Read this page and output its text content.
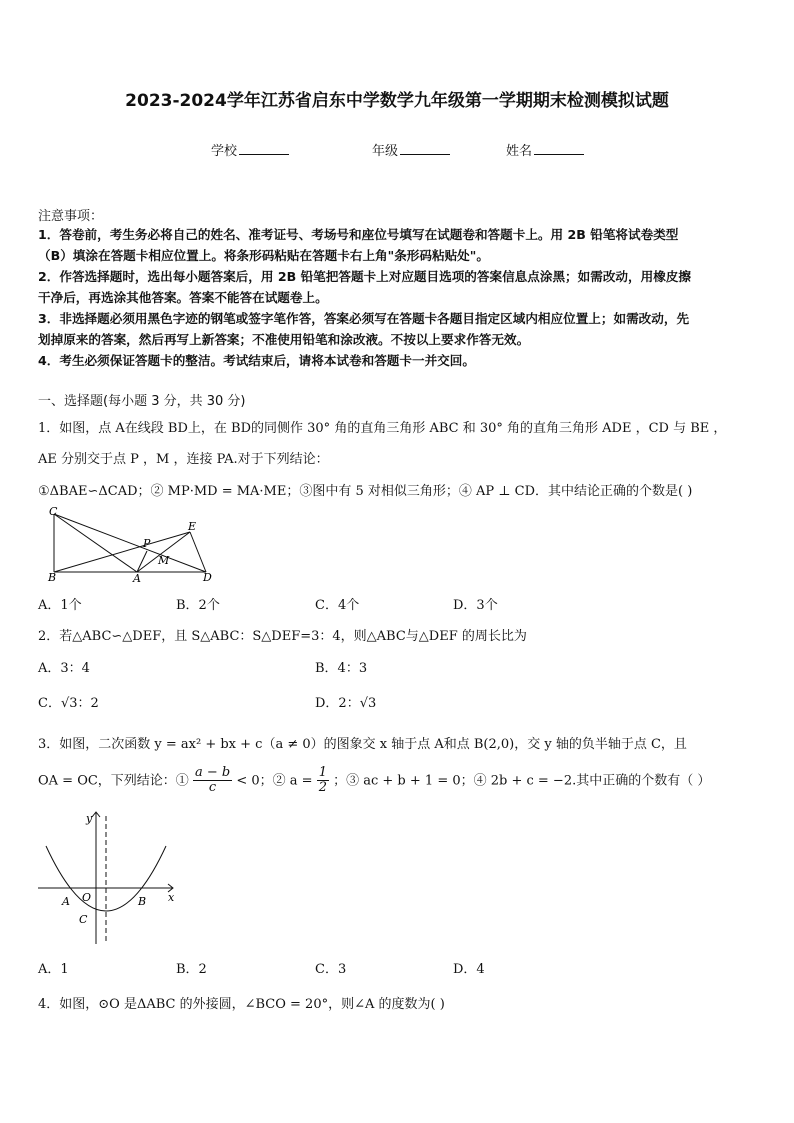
2023-2024学年江苏省启东中学数学九年级第一学期期末检测模拟试题
学校	年级	姓名
注意事项：
1．答卷前，考生务必将自己的姓名、准考证号、考场号和座位号填写在试题卷和答题卡上。用 2B 铅笔将试卷类型
（B）填涂在答题卡相应位置上。将条形码粘贴在答题卡右上角"条形码粘贴处"。
2．作答选择题时，选出每小题答案后，用 2B 铅笔把答题卡上对应题目选项的答案信息点涂黑；如需改动，用橡皮擦
干净后，再选涂其他答案。答案不能答在试题卷上。
3．非选择题必须用黑色字迹的钢笔或签字笔作答，答案必须写在答题卡各题目指定区域内相应位置上；如需改动，先
划掉原来的答案，然后再写上新答案；不准使用铅笔和涂改液。不按以上要求作答无效。
4．考生必须保证答题卡的整洁。考试结束后，请将本试卷和答题卡一并交回。
一、选择题(每小题 3 分，共 30 分)
1．如图，点 A在线段 BD上，在 BD的同侧作 30° 角的直角三角形 ABC 和 30° 角的直角三角形 ADE ，CD 与 BE ，
AE 分别交于点 P ，M ，连接 PA.对于下列结论：
①ΔBAE∽ΔCAD；② MP·MD = MA·ME；③图中有 5 对相似三角形；④ AP ⊥ CD．其中结论正确的个数是( )
C
E
P
M
B	A	D
A．1个	B．2个	C．4个	D．3个
2．若△ABC∽△DEF，且 S△ABC：S△DEF=3：4，则△ABC与△DEF 的周长比为
A．3：4	B．4：3
C．√3：2	D．2：√3
3．如图，二次函数 y = ax² + bx + c（a ≠ 0）的图象交 x 轴于点 A和点 B(2,0)，交 y 轴的负半轴于点 C，且
OA = OC，下列结论：① $\frac{a - b}{c} < 0$；② $a = \frac{1}{2}$ ；③ ac + b + 1 = 0；④ 2b + c = −2.其中正确的个数有（ ）
y
x
A O	B
C
A．1	B．2	C．3	D．4
4．如图，⊙O 是ΔABC 的外接圆，∠BCO = 20°，则∠A 的度数为( )
